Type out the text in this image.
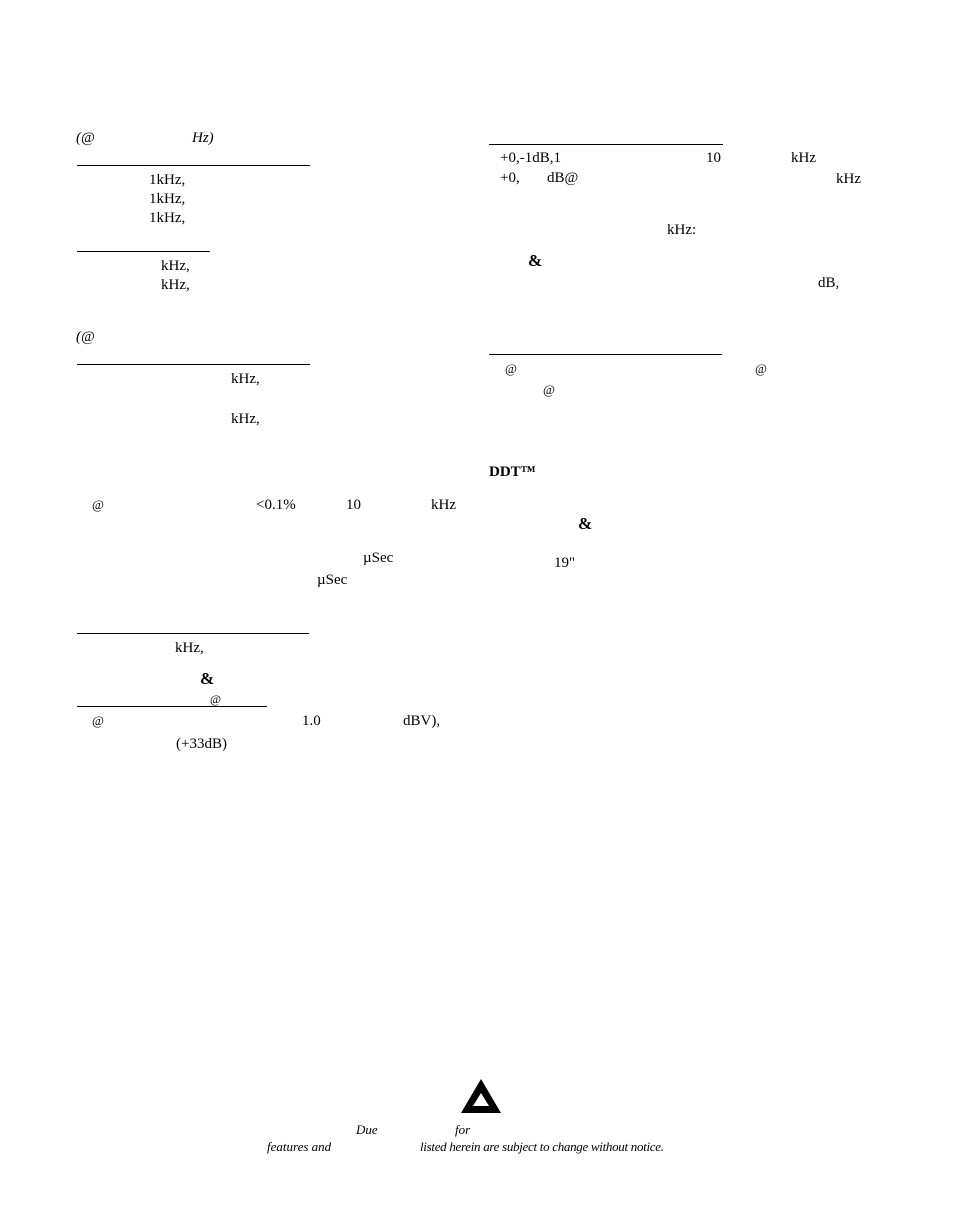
(@	Hz)
1kHz,
1kHz,
1kHz,
kHz,
kHz,
(@
kHz,
kHz,
@	<0.1%	10	kHz
µSec
µSec
kHz,
&
@
@	1.0	dBV),
(+33dB)
+0,-1dB,1	10	kHz
+0, dB@	kHz
kHz:
&
dB,
@	@
@
DDT™
&
19"
Due	for
features and	listed herein are subject to change without notice.
